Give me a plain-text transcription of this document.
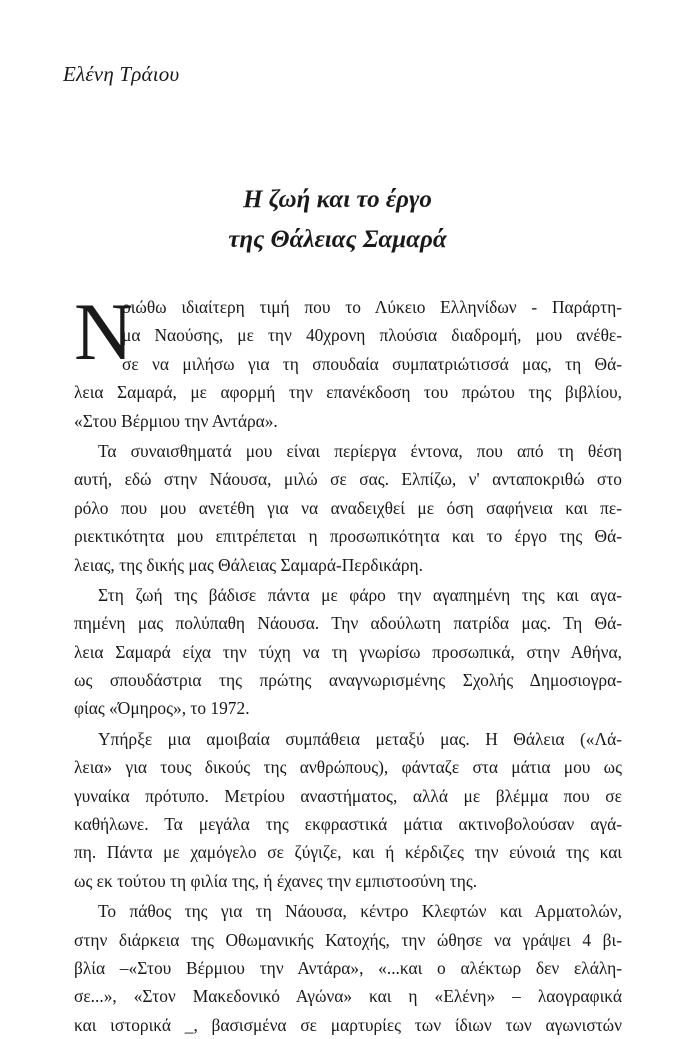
Ελένη Τράιου
Η ζωή και το έργο
της Θάλειας Σαμαρά
Ν
οιώθω ιδιαίτερη τιμή που το Λύκειο Ελληνίδων - Παράρτη-
μα Ναούσης, με την 40χρονη πλούσια διαδρομή, μου ανέθε-
σε να μιλήσω για τη σπουδαία συμπατριώτισσά μας, τη Θά-
λεια Σαμαρά, με αφορμή την επανέκδοση του πρώτου της βιβλίου,
«Στου Βέρμιου την Αντάρα».
Τα συναισθηματά μου είναι περίεργα έντονα, που από τη θέση
αυτή, εδώ στην Νάουσα, μιλώ σε σας. Ελπίζω, ν' ανταποκριθώ στο
ρόλο που μου ανετέθη για να αναδειχθεί με όση σαφήνεια και πε-
ριεκτικότητα μου επιτρέπεται η προσωπικότητα και το έργο της Θά-
λειας, της δικής μας Θάλειας Σαμαρά-Περδικάρη.
Στη ζωή της βάδισε πάντα με φάρο την αγαπημένη της και αγα-
πημένη μας πολύπαθη Νάουσα. Την αδούλωτη πατρίδα μας. Τη Θά-
λεια Σαμαρά είχα την τύχη να τη γνωρίσω προσωπικά, στην Αθήνα,
ως σπουδάστρια της πρώτης αναγνωρισμένης Σχολής Δημοσιογρα-
φίας «Όμηρος», το 1972.
Υπήρξε μια αμοιβαία συμπάθεια μεταξύ μας. Η Θάλεια («Λά-
λεια» για τους δικούς της ανθρώπους), φάνταζε στα μάτια μου ως
γυναίκα πρότυπο. Μετρίου αναστήματος, αλλά με βλέμμα που σε
καθήλωνε. Τα μεγάλα της εκφραστικά μάτια ακτινοβολούσαν αγά-
πη. Πάντα με χαμόγελο σε ζύγιζε, και ή κέρδιζες την εύνοιά της και
ως εκ τούτου τη φιλία της, ή έχανες την εμπιστοσύνη της.
Το πάθος της για τη Νάουσα, κέντρο Κλεφτών και Αρματολών,
στην διάρκεια της Οθωμανικής Κατοχής, την ώθησε να γράψει 4 βι-
βλία –«Στου Βέρμιου την Αντάρα», «...και ο αλέκτωρ δεν ελάλη-
σε...», «Στον Μακεδονικό Αγώνα» και η «Ελένη» – λαογραφικά
και ιστορικά _, βασισμένα σε μαρτυρίες των ίδιων των αγωνιστών
